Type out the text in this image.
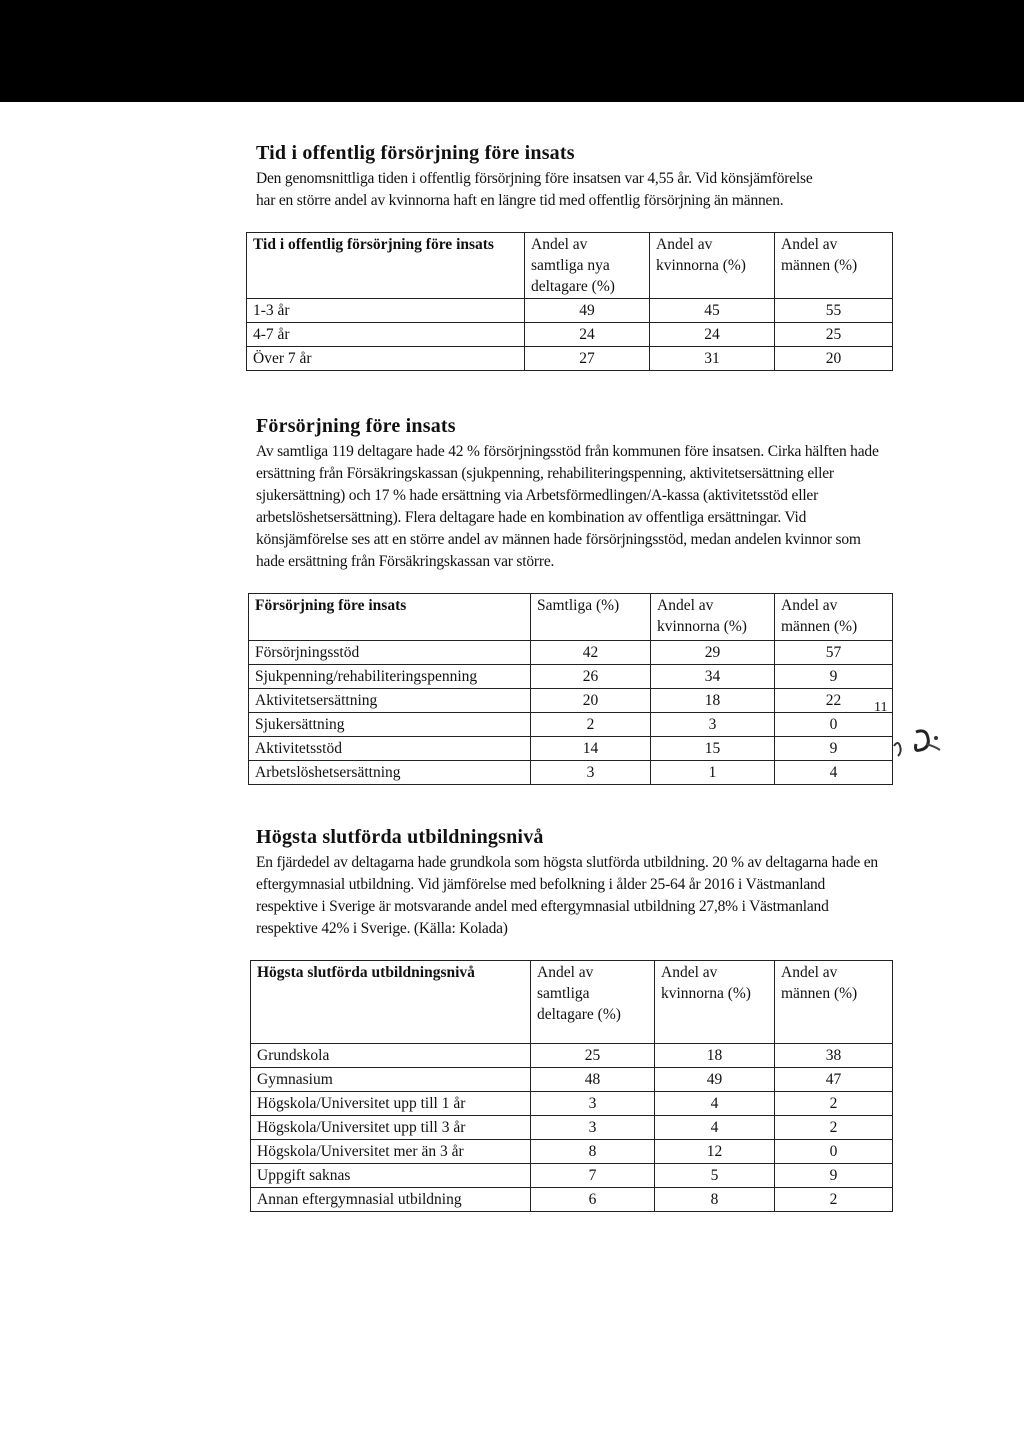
Tid i offentlig försörjning före insats

Den genomsnittliga tiden i offentlig försörjning före insatsen var 4,55 år. Vid könsjämförelse har en större andel av kvinnorna haft en längre tid med offentlig försörjning än männen.

Tid i offentlig försörjning före insats	Andel av samtliga nya deltagare (%)	Andel av kvinnorna (%)	Andel av männen (%)
1-3 år	49	45	55
4-7 år	24	24	25
Över 7 år	27	31	20
Försörjning före insats

Av samtliga 119 deltagare hade 42 % försörjningsstöd från kommunen före insatsen. Cirka hälften hade ersättning från Försäkringskassan (sjukpenning, rehabiliteringspenning, aktivitetsersättning eller sjukersättning) och 17 % hade ersättning via Arbetsförmedlingen/A-kassa (aktivitetsstöd eller arbetslöshetsersättning). Flera deltagare hade en kombination av offentliga ersättningar. Vid könsjämförelse ses att en större andel av männen hade försörjningsstöd, medan andelen kvinnor som hade ersättning från Försäkringskassan var större.

Försörjning före insats	Samtliga (%)	Andel av kvinnorna (%)	Andel av männen (%)
Försörjningsstöd	42	29	57
Sjukpenning/rehabiliteringspenning	26	34	9
Aktivitetsersättning	20	18	22
Sjukersättning	2	3	0
Aktivitetsstöd	14	15	9
Arbetslöshetsersättning	3	1	4
Högsta slutförda utbildningsnivå

En fjärdedel av deltagarna hade grundkola som högsta slutförda utbildning. 20 % av deltagarna hade en eftergymnasial utbildning. Vid jämförelse med befolkning i ålder 25-64 år 2016 i Västmanland respektive i Sverige är motsvarande andel med eftergymnasial utbildning 27,8% i Västmanland respektive 42% i Sverige. (Källa: Kolada)

Högsta slutförda utbildningsnivå	Andel av samtliga deltagare (%)	Andel av kvinnorna (%)	Andel av männen (%)
Grundskola	25	18	38
Gymnasium	48	49	47
Högskola/Universitet upp till 1 år	3	4	2
Högskola/Universitet upp till 3 år	3	4	2
Högskola/Universitet mer än 3 år	8	12	0
Uppgift saknas	7	5	9
Annan eftergymnasial utbildning	6	8	2
11
